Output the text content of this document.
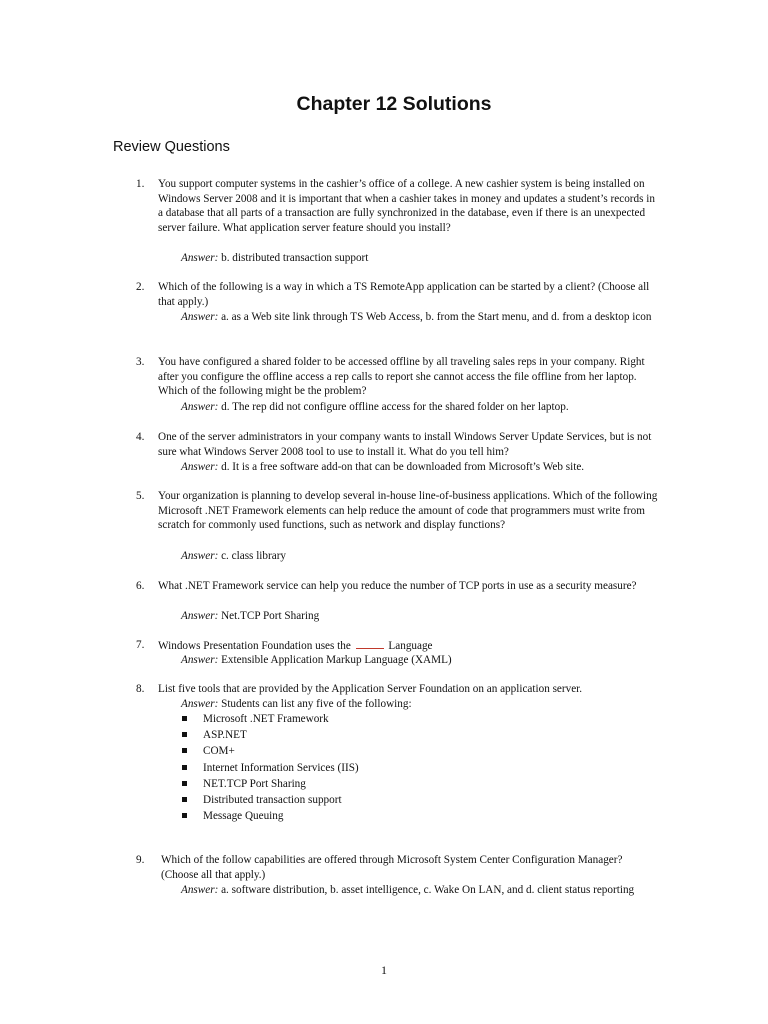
Chapter 12 Solutions
Review Questions
1. You support computer systems in the cashier’s office of a college. A new cashier system is being installed on Windows Server 2008 and it is important that when a cashier takes in money and updates a student’s records in a database that all parts of a transaction are fully synchronized in the database, even if there is an unexpected server failure. What application server feature should you install?
Answer: b. distributed transaction support
2. Which of the following is a way in which a TS RemoteApp application can be started by a client? (Choose all that apply.)
Answer: a. as a Web site link through TS Web Access, b. from the Start menu, and d. from a desktop icon
3. You have configured a shared folder to be accessed offline by all traveling sales reps in your company. Right after you configure the offline access a rep calls to report she cannot access the file offline from her laptop. Which of the following might be the problem?
Answer: d. The rep did not configure offline access for the shared folder on her laptop.
4. One of the server administrators in your company wants to install Windows Server Update Services, but is not sure what Windows Server 2008 tool to use to install it. What do you tell him?
Answer: d. It is a free software add-on that can be downloaded from Microsoft’s Web site.
5. Your organization is planning to develop several in-house line-of-business applications. Which of the following Microsoft .NET Framework elements can help reduce the amount of code that programmers must write from scratch for commonly used functions, such as network and display functions?
Answer: c. class library
6. What .NET Framework service can help you reduce the number of TCP ports in use as a security measure?
Answer: Net.TCP Port Sharing
7. Windows Presentation Foundation uses the	Language
Answer: Extensible Application Markup Language (XAML)
8. List five tools that are provided by the Application Server Foundation on an application server.
Answer: Students can list any five of the following:
Microsoft .NET Framework
ASP.NET
COM+
Internet Information Services (IIS)
NET.TCP Port Sharing
Distributed transaction support
Message Queuing
9. Which of the follow capabilities are offered through Microsoft System Center Configuration Manager? (Choose all that apply.)
Answer: a. software distribution, b. asset intelligence, c. Wake On LAN, and d. client status reporting
1
